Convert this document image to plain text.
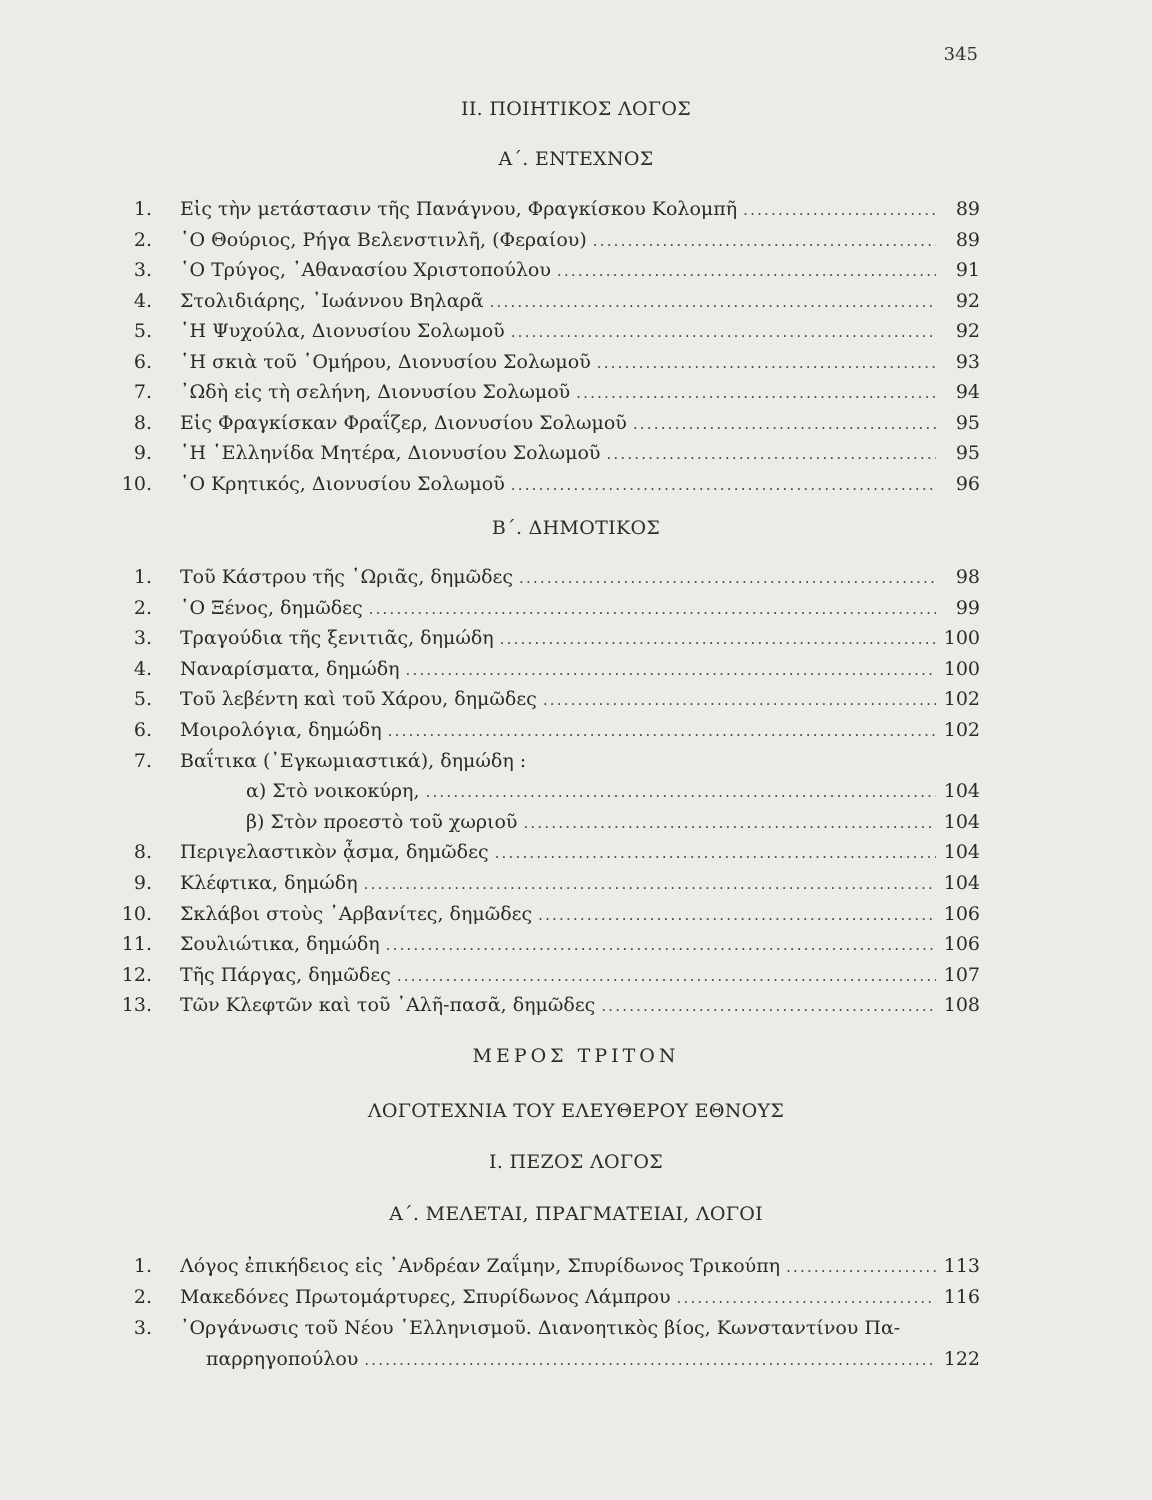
345
ΙΙ. ΠΟΙΗΤΙΚΟΣ ΛΟΓΟΣ
Α΄. ΕΝΤΕΧΝΟΣ
1. Εἰς τὴν μετάστασιν τῆς Πανάγνου, Φραγκίσκου Κολομπῆ .....	89
2. ῾Ο Θούριος, Ρήγα Βελενστινλῆ, (Φεραίου) .....	89
3. ῾Ο Τρύγος, ᾿Αθανασίου Χριστοπούλου .....	91
4. Στολιδιάρης, ᾿Ιωάννου Βηλαρᾶ .....	92
5. ῾Η Ψυχούλα, Διονυσίου Σολωμοῦ .....	92
6. ῾Η σκιὰ τοῦ ῾Ομήρου, Διονυσίου Σολωμοῦ .....	93
7. ᾿Ωδὴ εἰς τὴ σελήνη, Διονυσίου Σολωμοῦ .....	94
8. Εἰς Φραγκίσκαν Φραΐζερ, Διονυσίου Σολωμοῦ .....	95
9. ῾Η ῾Ελληνίδα Μητέρα, Διονυσίου Σολωμοῦ .....	95
10. ῾Ο Κρητικός, Διονυσίου Σολωμοῦ .....	96
Β΄. ΔΗΜΟΤΙΚΟΣ
1. Τοῦ Κάστρου τῆς ῾Ωριᾶς, δημῶδες .....	98
2. ῾Ο Ξένος, δημῶδες .....	99
3. Τραγούδια τῆς ξενιτιᾶς, δημώδη .....	100
4. Ναναρίσματα, δημώδη .....	100
5. Τοῦ λεβέντη καὶ τοῦ Χάρου, δημῶδες .....	102
6. Μοιρολόγια, δημώδη .....	102
7. Βαΐτικα (᾿Εγκωμιαστικά), δημώδη :
α) Στὸ νοικοκύρη, .....	104
β) Στὸν προεστὸ τοῦ χωριοῦ .....	104
8. Περιγελαστικὸν ᾆσμα, δημῶδες .....	104
9. Κλέφτικα, δημώδη .....	104
10. Σκλάβοι στοὺς ᾿Αρβανίτες, δημῶδες .....	106
11. Σουλιώτικα, δημώδη .....	106
12. Τῆς Πάργας, δημῶδες .....	107
13. Τῶν Κλεφτῶν καὶ τοῦ ᾿Αλῆ-πασᾶ, δημῶδες .....	108
ΜΕΡΟΣ ΤΡΙΤΟΝ
ΛΟΓΟΤΕΧΝΙΑ ΤΟΥ ΕΛΕΥΘΕΡΟΥ ΕΘΝΟΥΣ
Ι. ΠΕΖΟΣ ΛΟΓΟΣ
Α΄. ΜΕΛΕΤΑΙ, ΠΡΑΓΜΑΤΕΙΑΙ, ΛΟΓΟΙ
1. Λόγος ἐπικήδειος εἰς ᾿Ανδρέαν Ζαΐμην, Σπυρίδωνος Τρικούπη .....	113
2. Μακεδόνες Πρωτομάρτυρες, Σπυρίδωνος Λάμπρου .....	116
3. ᾿Οργάνωσις τοῦ Νέου ῾Ελληνισμοῦ. Διανοητικὸς βίος, Κωνσταντίνου Πα-
παρρηγοπούλου .....	122
